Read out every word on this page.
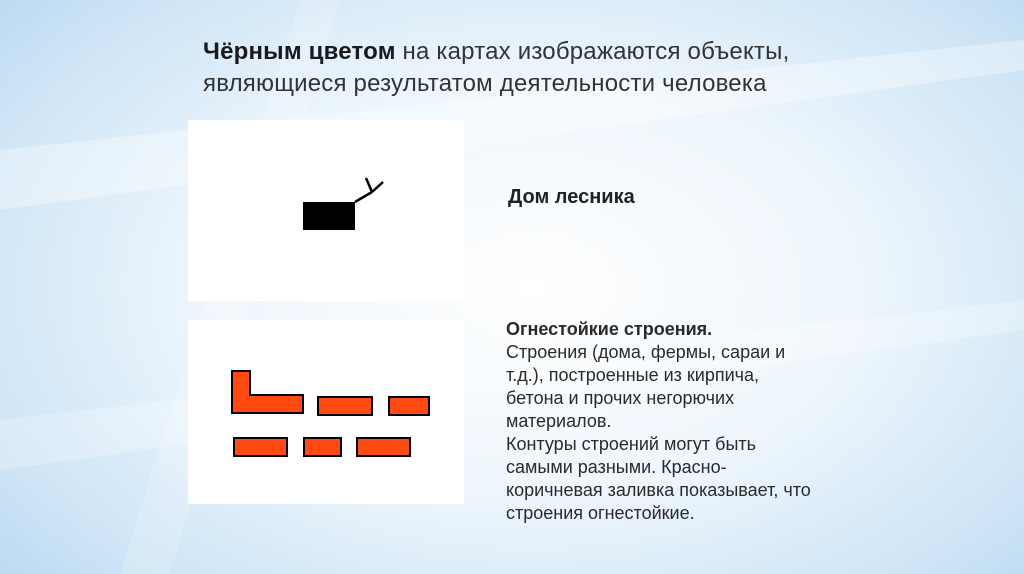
Чёрным цветом на картах изображаются объекты,
являющиеся результатом деятельности человека
Дом лесника
Огнестойкие строения.
Строения (дома, фермы, сараи и
т.д.), построенные из кирпича,
бетона и прочих негорючих
материалов.
Контуры строений могут быть
самыми разными. Красно-
коричневая заливка показывает, что
строения огнестойкие.
